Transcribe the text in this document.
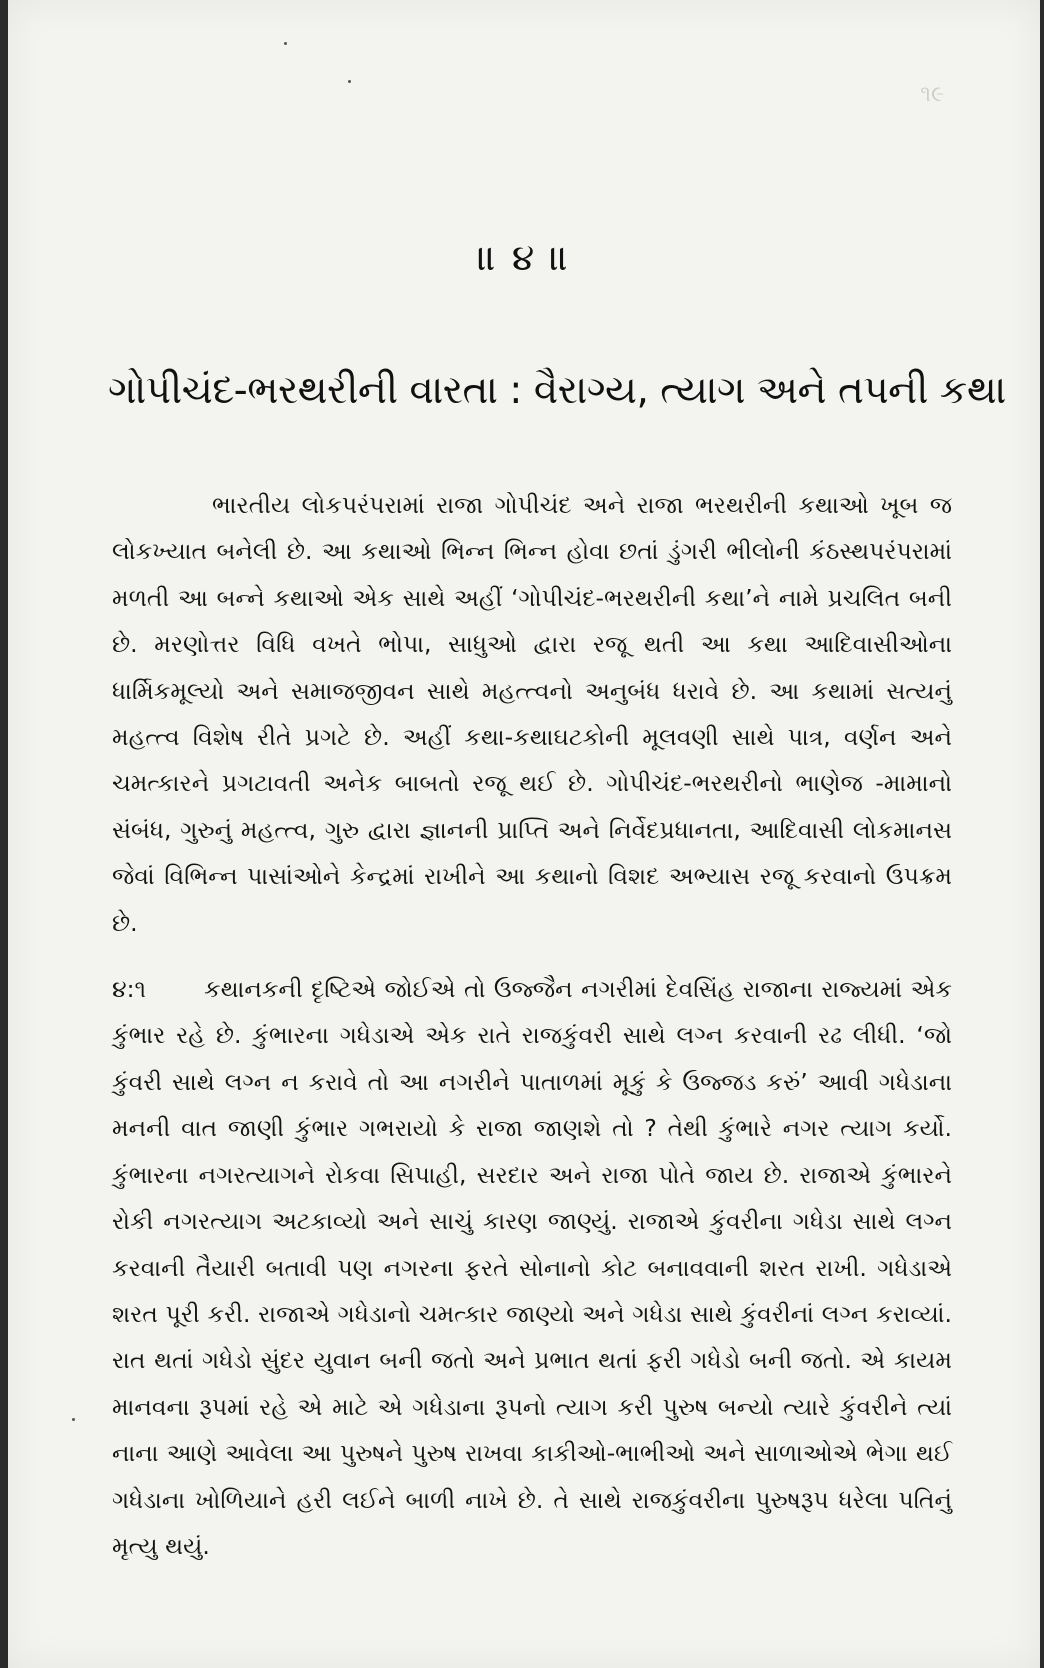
૧૯
॥ ૪ ॥
ગોપીચંદ-ભરથરીની વારતા : વૈરાગ્ય, ત્યાગ અને તપની કથા

ભારતીય લોકપરંપરામાં રાજા ગોપીચંદ અને રાજા ભરથરીની કથાઓ ખૂબ જ લોકખ્યાત બનેલી છે. આ કથાઓ ભિન્ન ભિન્ન હોવા છતાં ડુંગરી ભીલોની કંઠસ્થપરંપરામાં મળતી આ બન્ને કથાઓ એક સાથે અહીં ‘ગોપીચંદ-ભરથરીની કથા’ને નામે પ્રચલિત બની છે. મરણોત્તર વિધિ વખતે ભોપા, સાધુઓ દ્વારા રજૂ થતી આ કથા આદિવાસીઓના ધાર્મિકમૂલ્યો અને સમાજજીવન સાથે મહત્ત્વનો અનુબંધ ધરાવે છે. આ કથામાં સત્યનું મહત્ત્વ વિશેષ રીતે પ્રગટે છે. અહીં કથા-કથાઘટકોની મૂલવણી સાથે પાત્ર, વર્ણન અને ચમત્કારને પ્રગટાવતી અનેક બાબતો રજૂ થઈ છે. ગોપીચંદ-ભરથરીનો ભાણેજ -મામાનો સંબંધ, ગુરુનું મહત્ત્વ, ગુરુ દ્વારા જ્ઞાનની પ્રાપ્તિ અને નિર્વેદપ્રધાનતા, આદિવાસી લોકમાનસ જેવાં વિભિન્ન પાસાંઓને કેન્દ્રમાં રાખીને આ કથાનો વિશદ અભ્યાસ રજૂ કરવાનો ઉપક્રમ છે.

૪:૧ કથાનકની દૃષ્ટિએ જોઈએ તો ઉજ્જૈન નગરીમાં દેવસિંહ રાજાના રાજ્યમાં એક કુંભાર રહે છે. કુંભારના ગધેડાએ એક રાતે રાજકુંવરી સાથે લગ્ન કરવાની રઢ લીધી. ‘જો કુંવરી સાથે લગ્ન ન કરાવે તો આ નગરીને પાતાળમાં મૂકું કે ઉજ્જડ કરું’ આવી ગધેડાના મનની વાત જાણી કુંભાર ગભરાયો કે રાજા જાણશે તો ? તેથી કુંભારે નગર ત્યાગ કર્યો. કુંભારના નગરત્યાગને રોકવા સિપાહી, સરદાર અને રાજા પોતે જાય છે. રાજાએ કુંભારને રોકી નગરત્યાગ અટકાવ્યો અને સાચું કારણ જાણ્યું. રાજાએ કુંવરીના ગધેડા સાથે લગ્ન કરવાની તૈયારી બતાવી પણ નગરના ફરતે સોનાનો કોટ બનાવવાની શરત રાખી. ગધેડાએ શરત પૂરી કરી. રાજાએ ગધેડાનો ચમત્કાર જાણ્યો અને ગધેડા સાથે કુંવરીનાં લગ્ન કરાવ્યાં. રાત થતાં ગધેડો સુંદર યુવાન બની જતો અને પ્રભાત થતાં ફરી ગધેડો બની જતો. એ કાયમ માનવના રૂપમાં રહે એ માટે એ ગધેડાના રૂપનો ત્યાગ કરી પુરુષ બન્યો ત્યારે કુંવરીને ત્યાં નાના આણે આવેલા આ પુરુષને પુરુષ રાખવા કાકીઓ-ભાભીઓ અને સાળાઓએ ભેગા થઈ ગધેડાના ખોળિયાને હરી લઈને બાળી નાખે છે. તે સાથે રાજકુંવરીના પુરુષરૂપ ધરેલા પતિનું મૃત્યુ થયું.
